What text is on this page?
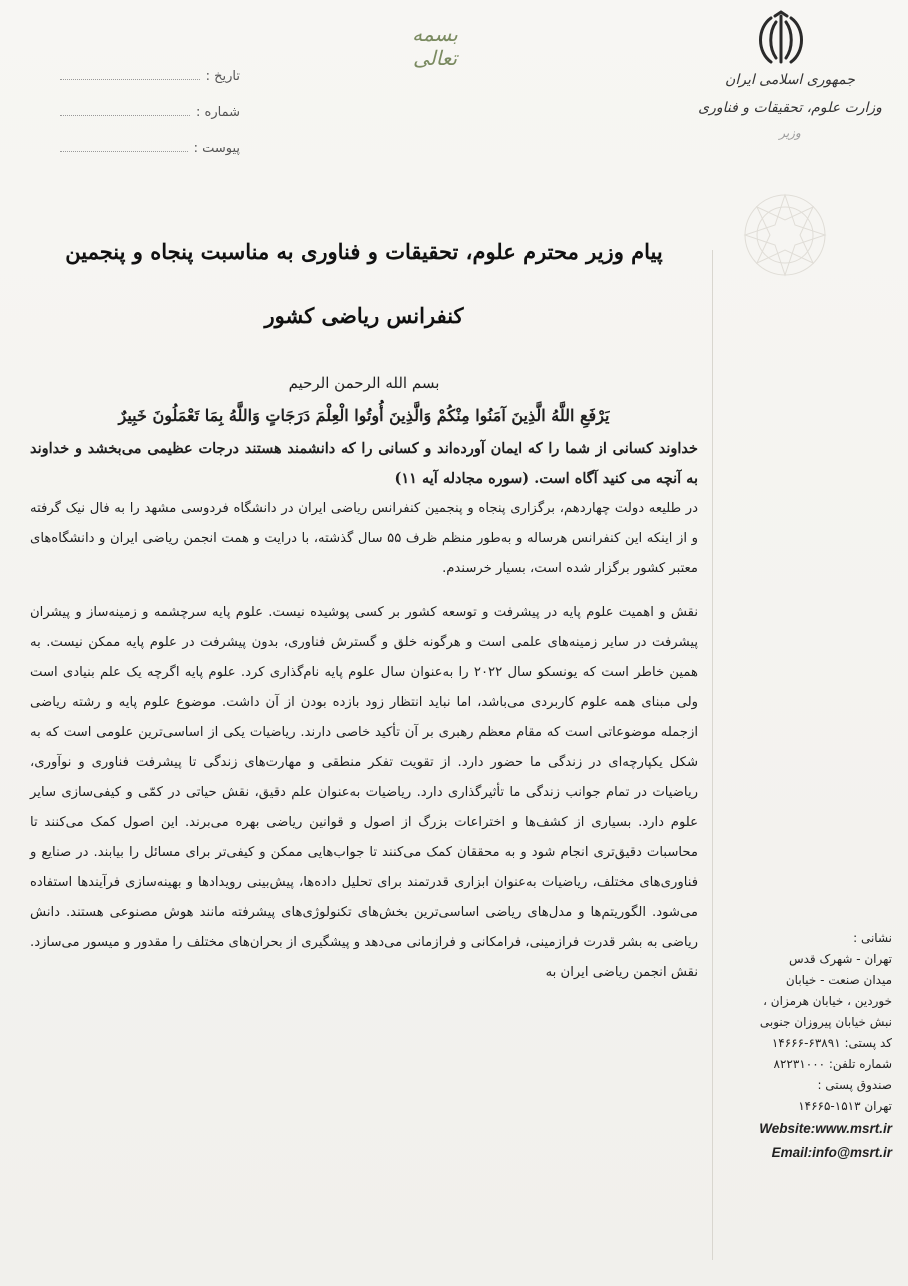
تاریخ :
شماره :
پیوست :
بسمه تعالی
جمهوری اسلامی ایران
وزارت علوم، تحقیقات و فناوری
وزیر
پیام وزیر محترم علوم، تحقیقات و فناوری به مناسبت پنجاه و پنجمین
کنفرانس ریاضی کشور
بسم الله الرحمن الرحیم
یَرْفَعِ اللَّهُ الَّذِينَ آمَنُوا مِنْكُمْ وَالَّذِينَ أُوتُوا الْعِلْمَ دَرَجَاتٍ وَاللَّهُ بِمَا تَعْمَلُونَ خَبِيرٌ
خداوند کسانی از شما را که ایمان آورده‌اند و کسانی را که دانشمند هستند درجات عظیمی می‌بخشد و خداوند به آنچه می کنید آگاه است. (سوره مجادله آیه ۱۱)

در طلیعه دولت چهاردهم، برگزاری پنجاه و پنجمین کنفرانس ریاضی ایران در دانشگاه فردوسی مشهد را به فال نیک گرفته و از اینکه این کنفرانس هرساله و به‌طور منظم ظرف ۵۵ سال گذشته، با درایت و همت انجمن ریاضی ایران و دانشگاه‌های معتبر کشور برگزار شده است، بسیار خرسندم.

نقش و اهمیت علوم پایه در پیشرفت و توسعه کشور بر کسی پوشیده نیست. علوم پایه سرچشمه و زمینه‌ساز و پیشران پیشرفت در سایر زمینه‌های علمی است و هرگونه خلق و گسترش فناوری، بدون پیشرفت در علوم پایه ممکن نیست. به همین خاطر است که یونسکو سال ۲۰۲۲ را به‌عنوان سال علوم پایه نام‌گذاری کرد. علوم پایه اگرچه یک علم بنیادی است ولی مبنای همه علوم کاربردی می‌باشد، اما نباید انتظار زود بازده بودن از آن داشت. موضوع علوم پایه و رشته ریاضی ازجمله موضوعاتی است که مقام معظم رهبری بر آن تأکید خاصی دارند. ریاضیات یکی از اساسی‌ترین علومی است که به شکل یکپارچه‌ای در زندگی ما حضور دارد. از تقویت تفکر منطقی و مهارت‌های زندگی تا پیشرفت فناوری و نوآوری، ریاضیات در تمام جوانب زندگی ما تأثیرگذاری دارد. ریاضیات به‌عنوان علم دقیق، نقش حیاتی در کمّی و کیفی‌سازی سایر علوم دارد. بسیاری از کشف‌ها و اختراعات بزرگ از اصول و قوانین ریاضی بهره می‌برند. این اصول کمک می‌کنند تا محاسبات دقیق‌تری انجام شود و به محققان کمک می‌کنند تا جواب‌هایی ممکن و کیفی‌تر برای مسائل را بیابند. در صنایع و فناوری‌های مختلف، ریاضیات به‌عنوان ابزاری قدرتمند برای تحلیل داده‌ها، پیش‌بینی رویدادها و بهینه‌سازی فرآیندها استفاده می‌شود. الگوریتم‌ها و مدل‌های ریاضی اساسی‌ترین بخش‌های تکنولوژی‌های پیشرفته مانند هوش مصنوعی هستند. دانش ریاضی به بشر قدرت فرازمینی، فرامکانی و فرازمانی می‌دهد و پیشگیری از بحران‌های مختلف را مقدور و میسور می‌سازد. نقش انجمن ریاضی ایران به

نشانی :
تهران - شهرک قدس
میدان صنعت - خیابان
خوردین ، خیابان هرمزان ،
نبش خیابان پیروزان جنوبی
کد پستی: ۶۳۸۹۱-۱۴۶۶۶
شماره تلفن: ۸۲۲۳۱۰۰۰
صندوق پستی :
تهران ۱۵۱۳-۱۴۶۶۵
Website:www.msrt.ir
Email:info@msrt.ir
